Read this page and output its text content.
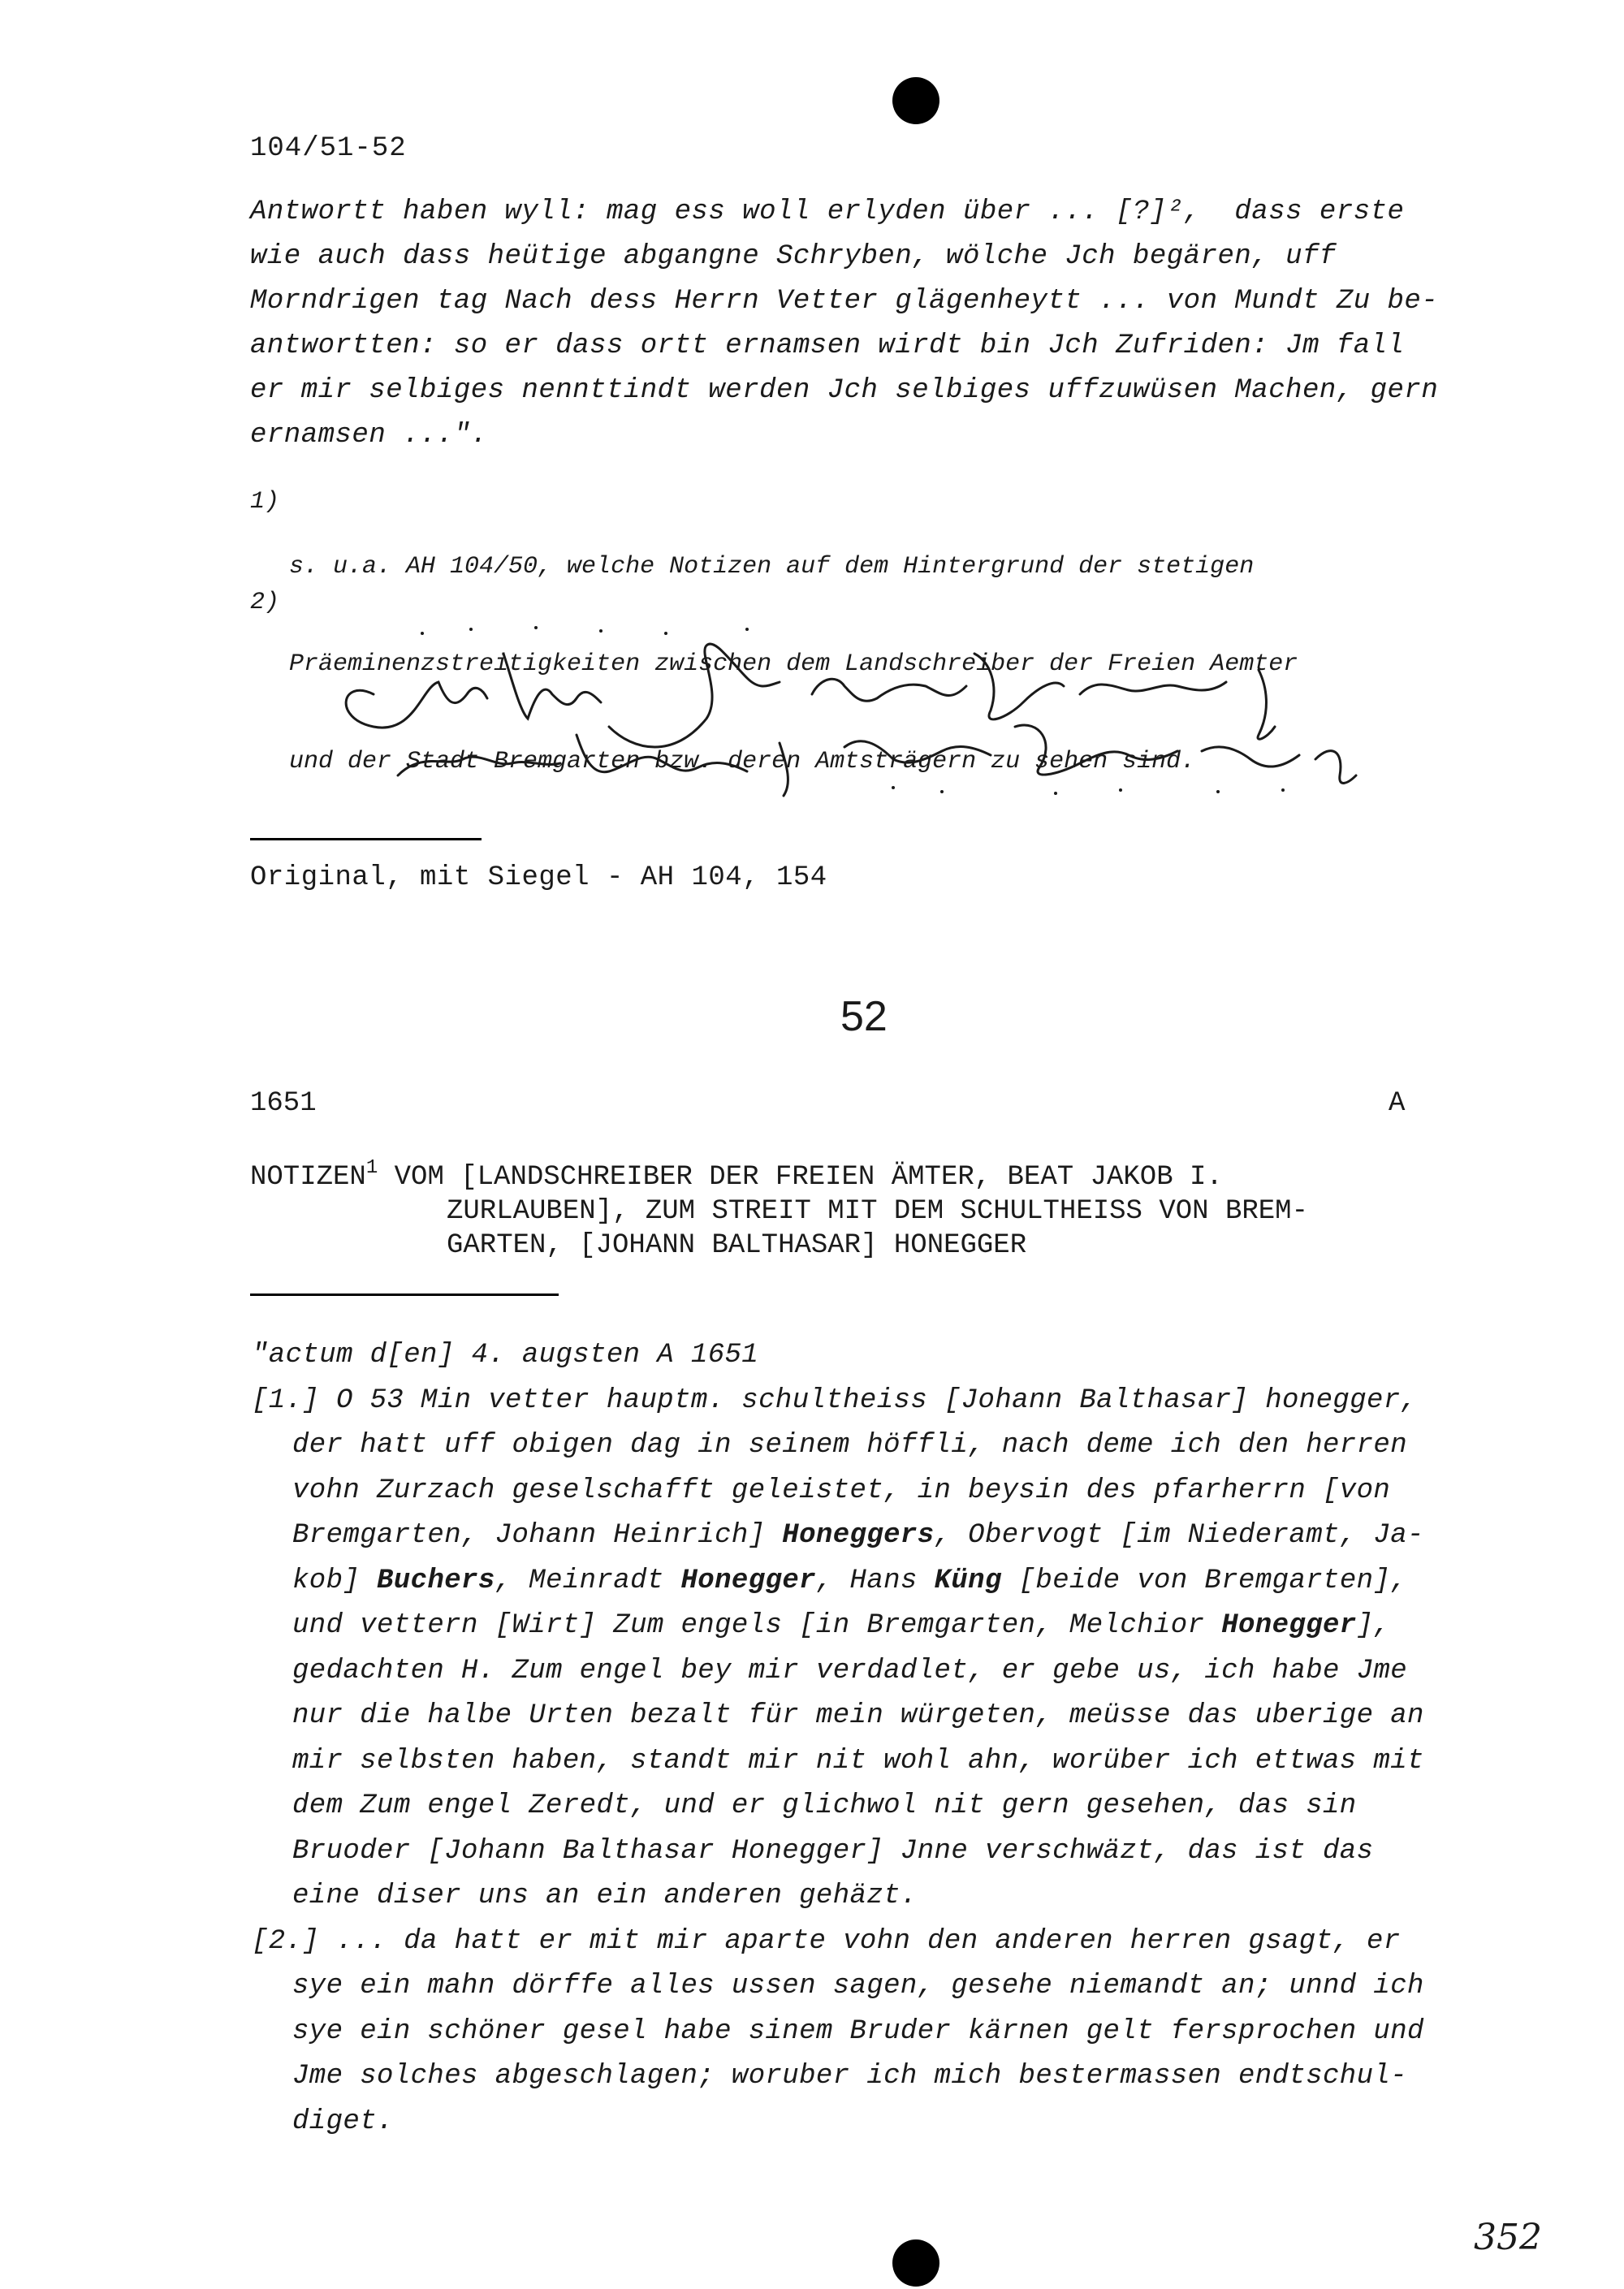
104/51-52

Antwortt haben wyll: mag ess woll erlyden über ... [?]²,  dass erste

wie auch dass heütige abgangne Schryben, wölche Jch begären, uff

Morndrigen tag Nach dess Herrn Vetter glägenheytt ... von Mundt Zu be-

antwortten: so er dass ortt ernamsen wirdt bin Jch Zufriden: Jm fall

er mir selbiges nennttindt werden Jch selbiges uffzuwüsen Machen, gern

ernamsen ...".

1)

s. u.a. AH 104/50, welche Notizen auf dem Hintergrund der stetigen

Präeminenzstreitigkeiten zwischen dem Landschreiber der Freien Aemter

und der Stadt Bremgarten bzw. deren Amtsträgern zu sehen sind.

2)
Original, mit Siegel - AH 104, 154
52
1651	A
NOTIZEN$^1$ VOM [LANDSCHREIBER DER FREIEN ÄMTER, BEAT JAKOB I.
ZURLAUBEN], ZUM STREIT MIT DEM SCHULTHEISS VON BREM-
GARTEN, [JOHANN BALTHASAR] HONEGGER
"actum d[en] 4. augsten A 1651
[1.] O 53 Min vetter hauptm. schultheiss [Johann Balthasar] honegger,
der hatt uff obigen dag in seinem höffli, nach deme ich den herren
vohn Zurzach geselschafft geleistet, in beysin des pfarherrn [von
Bremgarten, Johann Heinrich] Honeggers, Obervogt [im Niederamt, Ja-
kob] Buchers, Meinradt Honegger, Hans Küng [beide von Bremgarten],
und vettern [Wirt] Zum engels [in Bremgarten, Melchior Honegger],
gedachten H. Zum engel bey mir verdadlet, er gebe us, ich habe Jme
nur die halbe Urten bezalt für mein würgeten, meüsse das uberige an
mir selbsten haben, standt mir nit wohl ahn, worüber ich ettwas mit
dem Zum engel Zeredt, und er glichwol nit gern gesehen, das sin
Bruoder [Johann Balthasar Honegger] Jnne verschwäzt, das ist das
eine diser uns an ein anderen gehäzt.
[2.] ... da hatt er mit mir aparte vohn den anderen herren gsagt, er
sye ein mahn dörffe alles ussen sagen, gesehe niemandt an; unnd ich
sye ein schöner gesel habe sinem Bruder kärnen gelt fersprochen und
Jme solches abgeschlagen; woruber ich mich bestermassen endtschul-
diget.
352
